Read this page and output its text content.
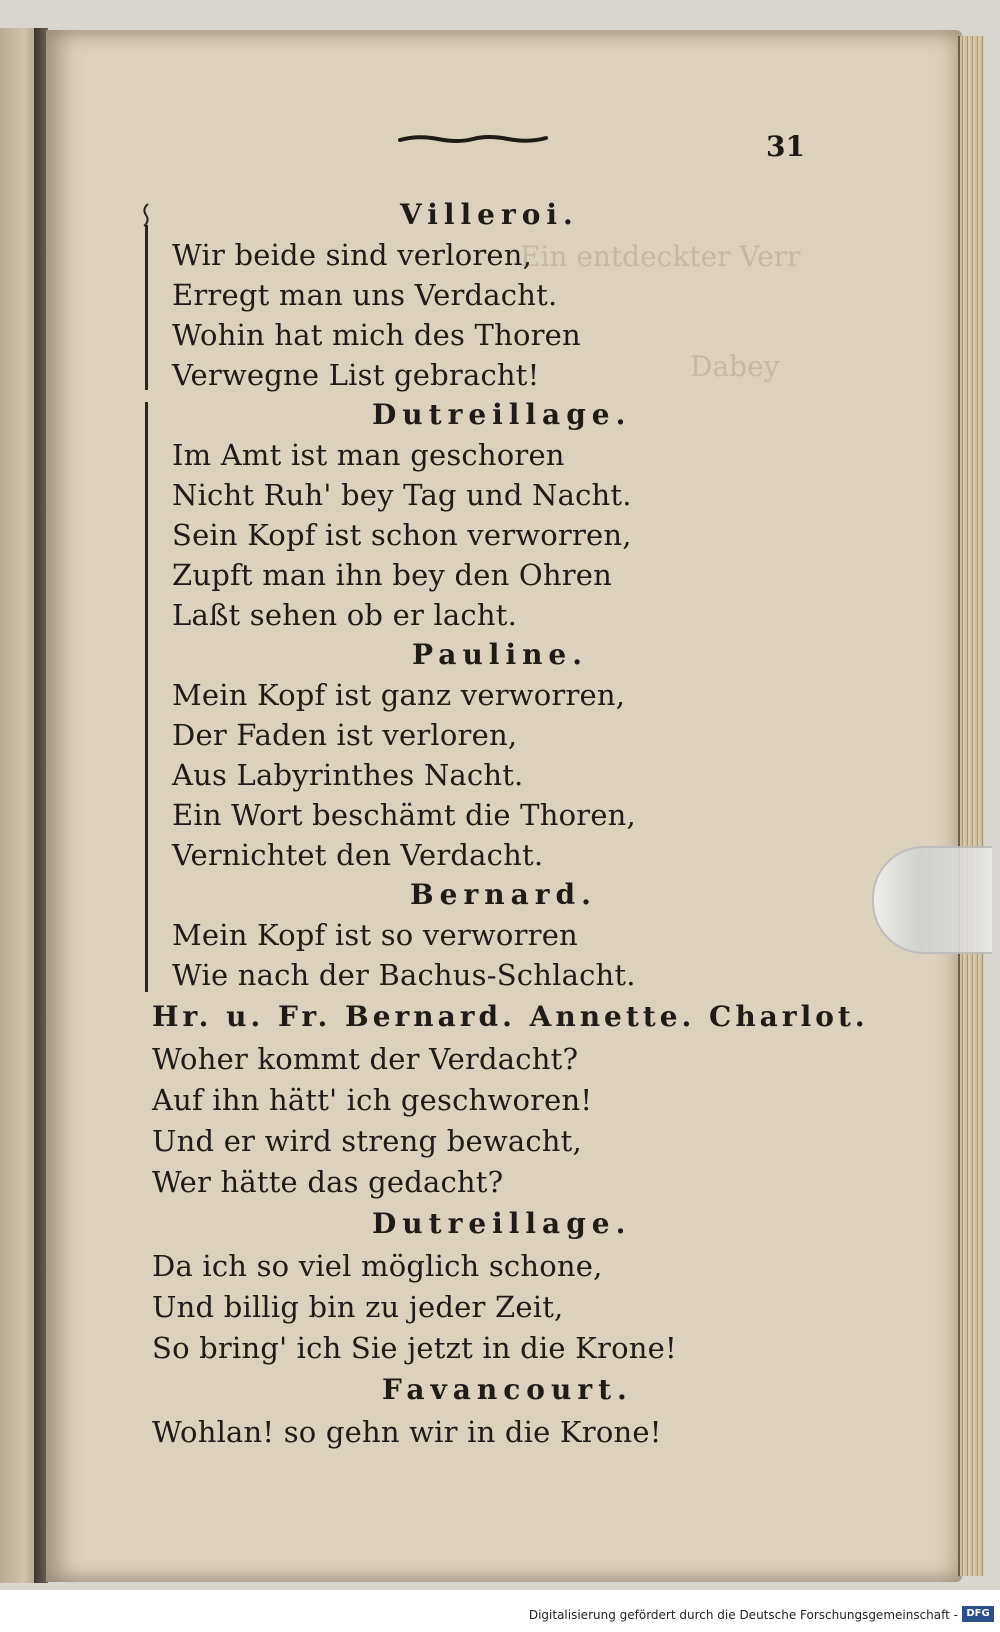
31
Ein entdeckter Verr
Dabey
Villeroi.
Wir beide sind verloren,
Erregt man uns Verdacht.
Wohin hat mich des Thoren
Verwegne List gebracht!
Dutreillage.
Im Amt ist man geschoren
Nicht Ruh' bey Tag und Nacht.
Sein Kopf ist schon verworren,
Zupft man ihn bey den Ohren
Laßt sehen ob er lacht.
Pauline.
Mein Kopf ist ganz verworren,
Der Faden ist verloren,
Aus Labyrinthes Nacht.
Ein Wort beschämt die Thoren,
Vernichtet den Verdacht.
Bernard.
Mein Kopf ist so verworren
Wie nach der Bachus-Schlacht.
Hr. u. Fr. Bernard. Annette. Charlot.
Woher kommt der Verdacht?
Auf ihn hätt' ich geschworen!
Und er wird streng bewacht,
Wer hätte das gedacht?
Dutreillage.
Da ich so viel möglich schone,
Und billig bin zu jeder Zeit,
So bring' ich Sie jetzt in die Krone!
Favancourt.
Wohlan! so gehn wir in die Krone!
Digitalisierung gefördert durch die Deutsche Forschungsgemeinschaft - DFG
